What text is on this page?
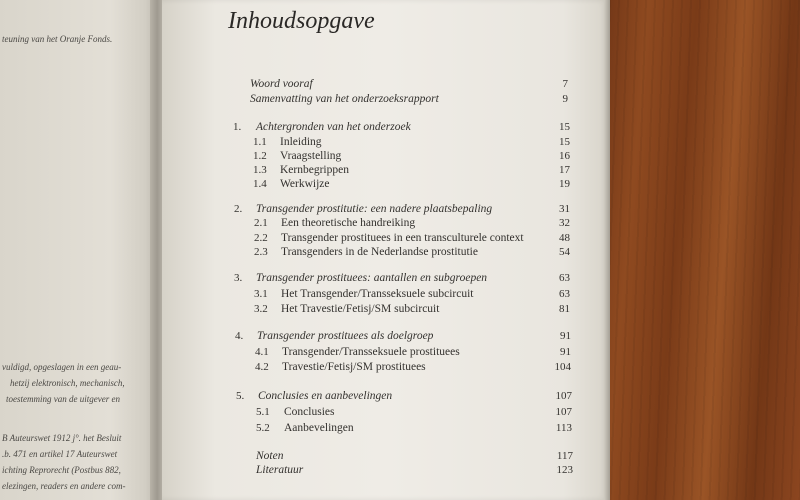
teuning van het Oranje Fonds.
vuldigd, opgeslagen in een geau-
hetzij elektronisch, mechanisch,
toestemming van de uitgever en
B Auteurswet 1912 j°. het Besluit
.b. 471 en artikel 17 Auteurswet
ichting Reprorecht (Postbus 882,
elezingen, readers en andere com-
Inhoudsopgave
Woord vooraf	7
Samenvatting van het onderzoeksrapport	9
1. Achtergronden van het onderzoek	15
1.1 Inleiding	15
1.2 Vraagstelling	16
1.3 Kernbegrippen	17
1.4 Werkwijze	19
2. Transgender prostitutie: een nadere plaatsbepaling	31
2.1 Een theoretische handreiking	32
2.2 Transgender prostituees in een transculturele context	48
2.3 Transgenders in de Nederlandse prostitutie	54
3. Transgender prostituees: aantallen en subgroepen	63
3.1 Het Transgender/Transseksuele subcircuit	63
3.2 Het Travestie/Fetisj/SM subcircuit	81
4. Transgender prostituees als doelgroep	91
4.1 Transgender/Transseksuele prostituees	91
4.2 Travestie/Fetisj/SM prostituees	104
5. Conclusies en aanbevelingen	107
5.1 Conclusies	107
5.2 Aanbevelingen	113
Noten	117
Literatuur	123
